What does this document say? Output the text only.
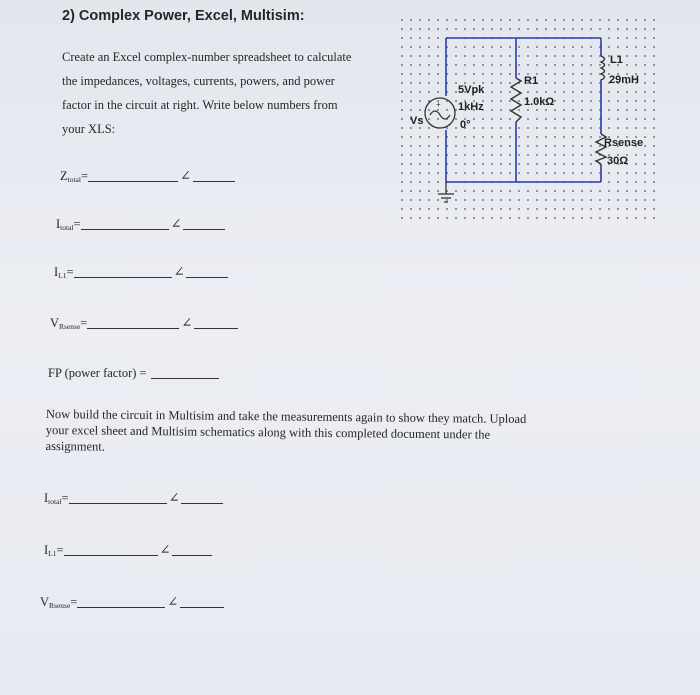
2) Complex Power, Excel, Multisim:
Create an Excel complex-number spreadsheet to calculate
the impedances, voltages, currents, powers, and power
factor in the circuit at right. Write below numbers from
your XLS:
$Z_{total}=$	∠
$I_{total}=$	∠
$I_{L1}=$	∠
$V_{Rsense}=$	∠
FP (power factor) =
Now build the circuit in Multisim and take the measurements again to show they match. Upload
your excel sheet and Multisim schematics along with this completed document under the
assignment.
$I_{total}=$	∠
$I_{L1}=$	∠
$V_{Rsense}=$	∠
+
Vs
5Vpk
1kHz
0°
R1
1.0kΩ
L1
29mH
Rsense
30Ω
